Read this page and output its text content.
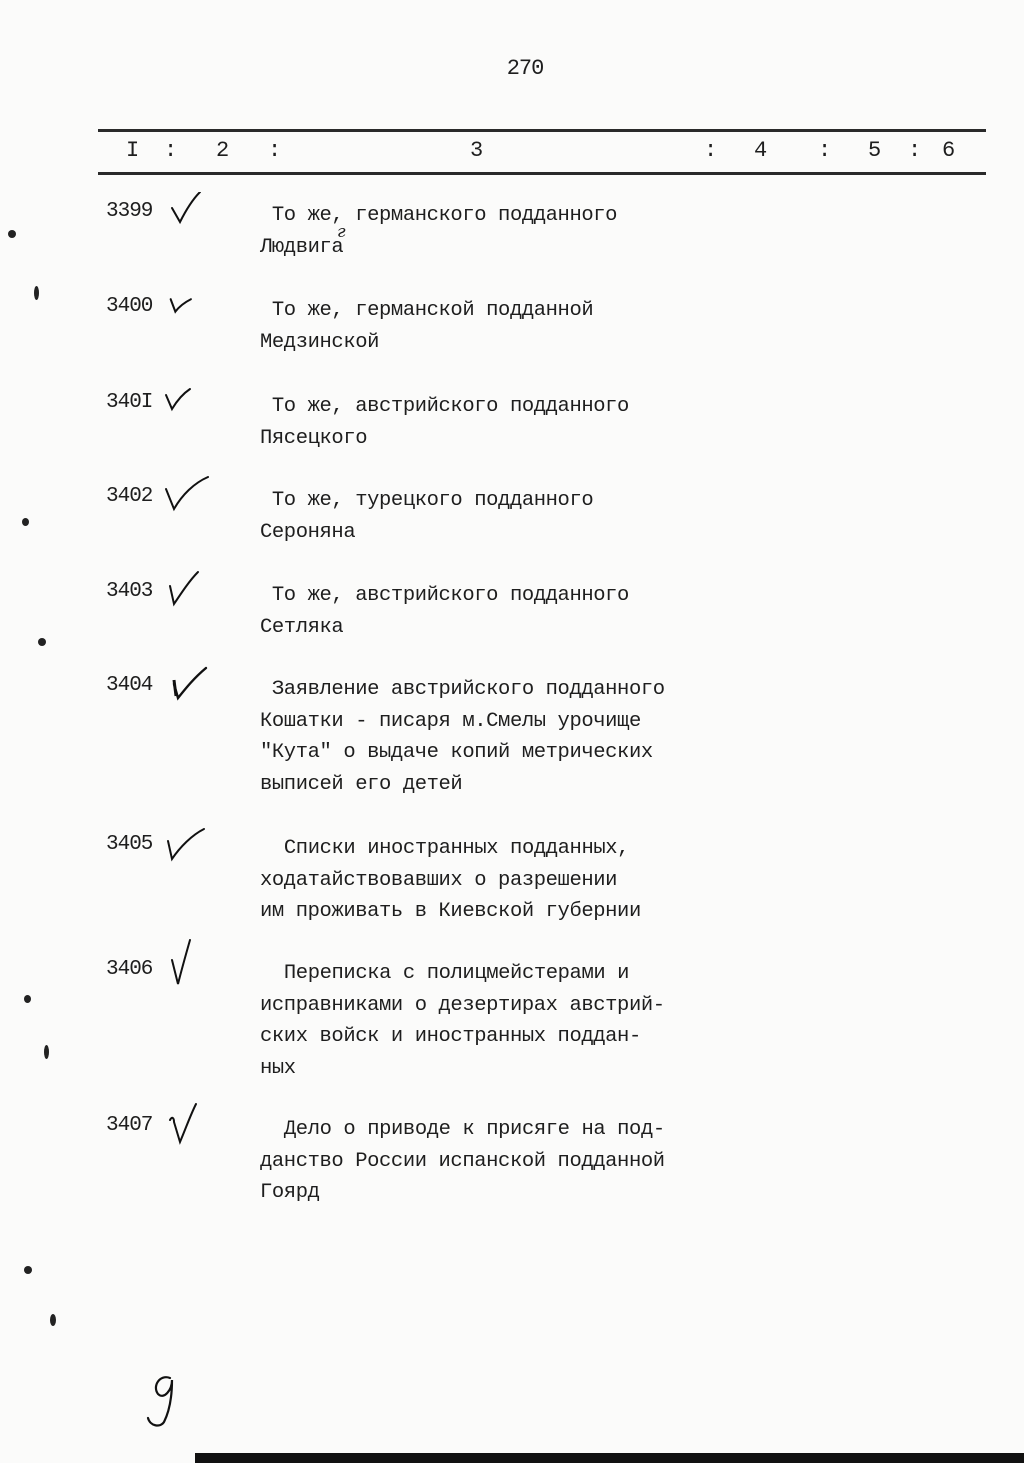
270
I : 2 :	3	: 4 : 5 : 6
3399	То же, германского подданного
Людвига
г
3400	То же, германской подданной
Медзинской
340I	То же, австрийского подданного
Пясецкого
3402	То же, турецкого подданного
Сероняна
3403	То же, австрийского подданного
Сетляка
3404	Заявление австрийского подданного
Кошатки - писаря м.Смелы урочище
"Кута" о выдаче копий метрических
выписей его детей
3405	Списки иностранных подданных,
ходатайствовавших о разрешении
им проживать в Киевской губернии
3406	Переписка с полицмейстерами и
исправниками о дезертирах австрий-
ских войск и иностранных поддан-
ных
3407	Дело о приводе к присяге на под-
данство России испанской подданной
Гоярд
